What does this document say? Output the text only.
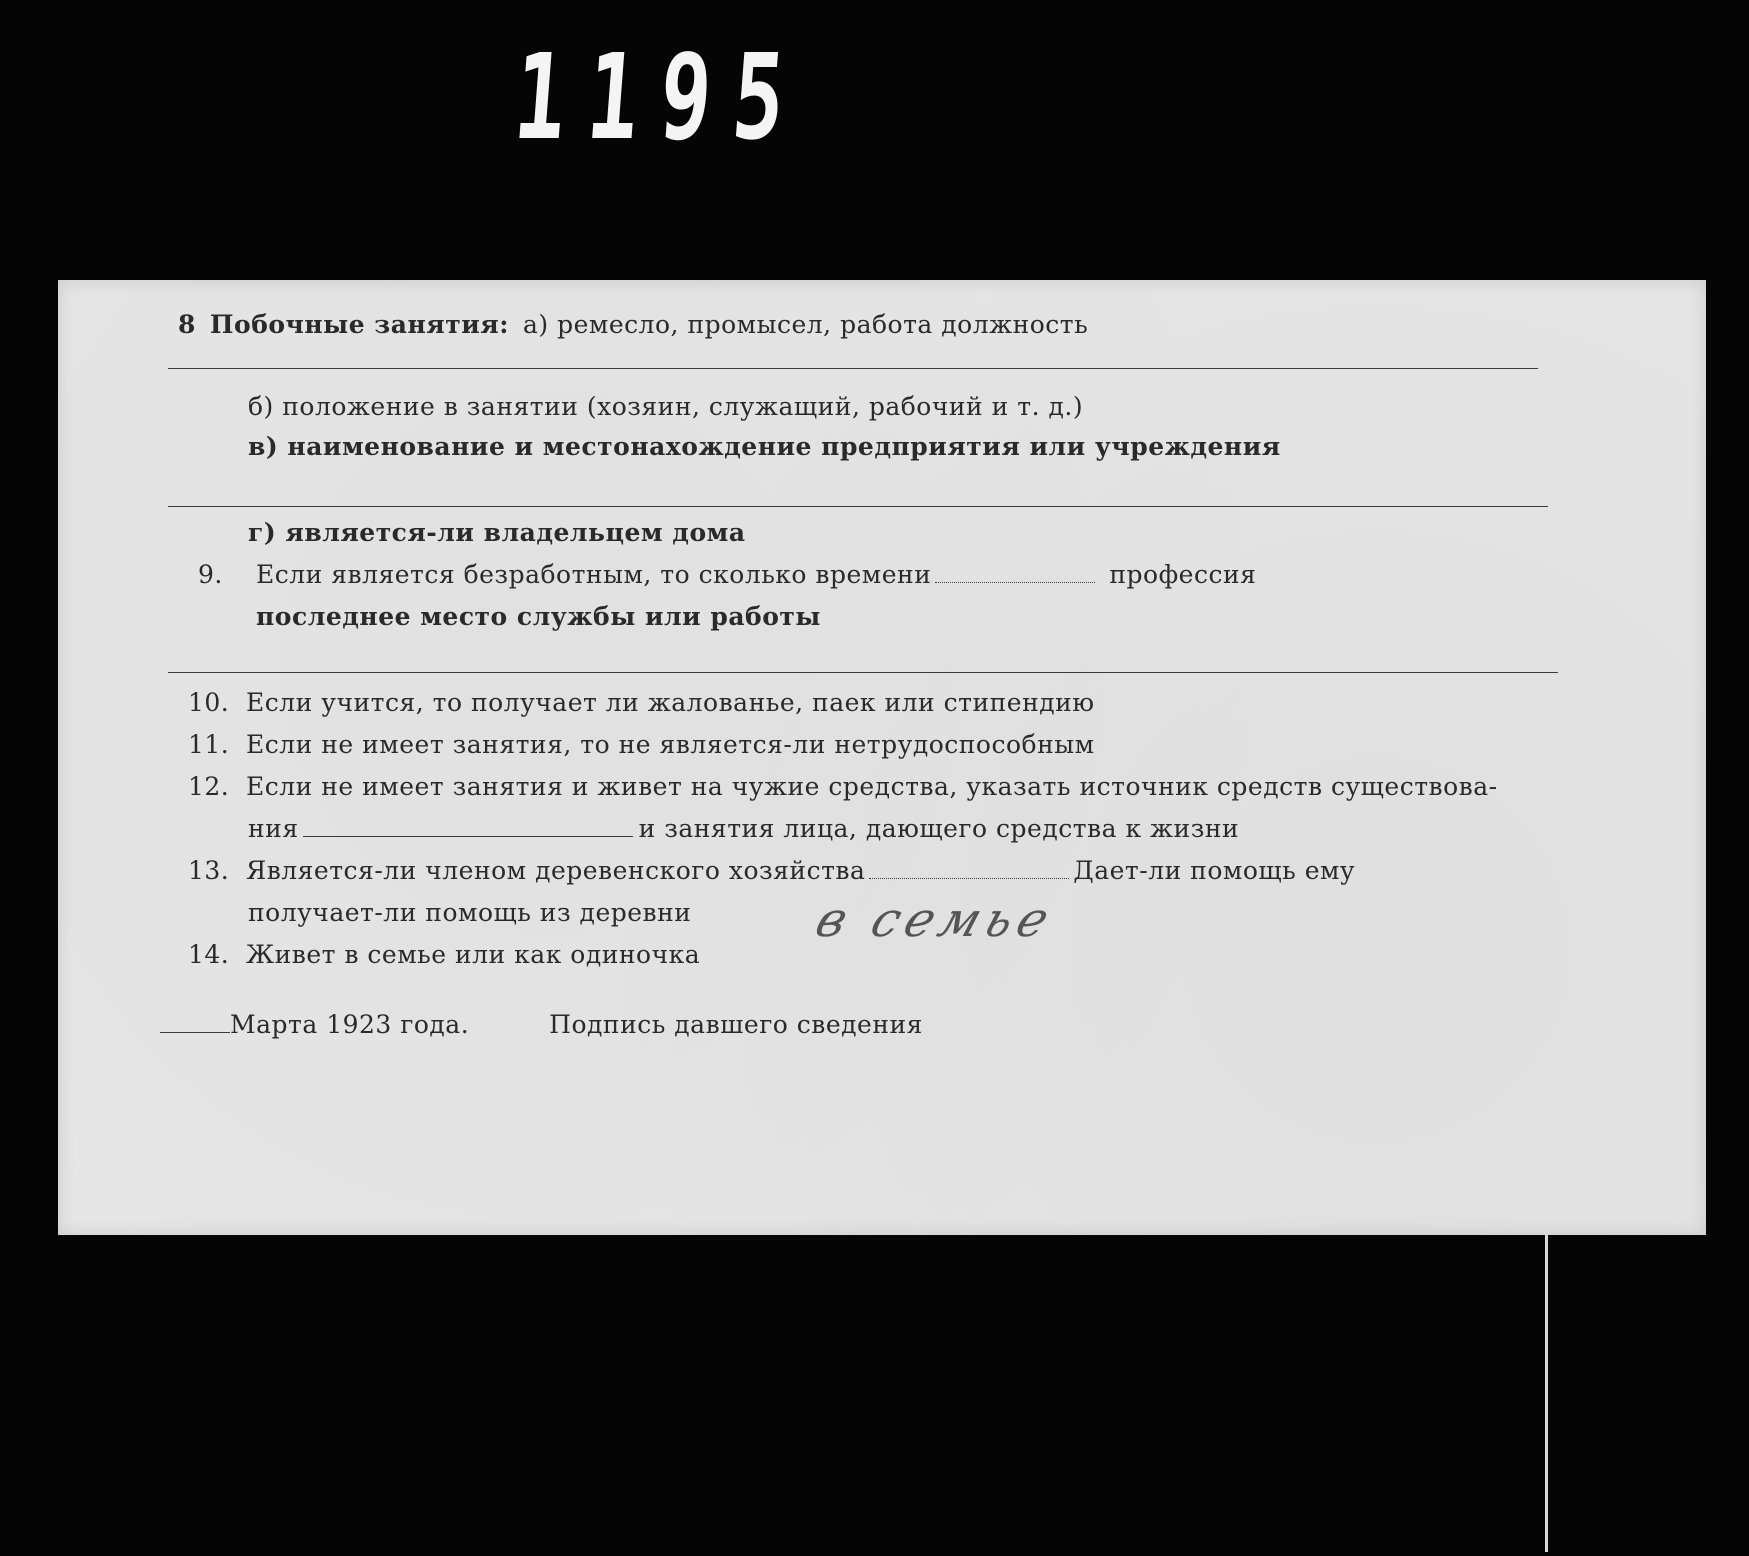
1195
8 Побочные занятия: а) ремесло, промысел, работа должность
б) положение в занятии (хозяин, служащий, рабочий и т. д.)
в) наименование и местонахождение предприятия или учреждения
г) является-ли владельцем дома
9.	Если является безработным, то сколько времени	профессия
последнее место службы или работы
10. Если учится, то получает ли жалованье, паек или стипендию
11. Если не имеет занятия, то не является-ли нетрудоспособным
12. Если не имеет занятия и живет на чужие средства, указать источник средств существова-
ния	и занятия лица, дающего средства к жизни
13. Является-ли членом деревенского хозяйства	Дает-ли помощь ему
получает-ли помощь из деревни
14. Живет в семье или как одиночка
в семье
Марта 1923 года.	Подпись давшего сведения
